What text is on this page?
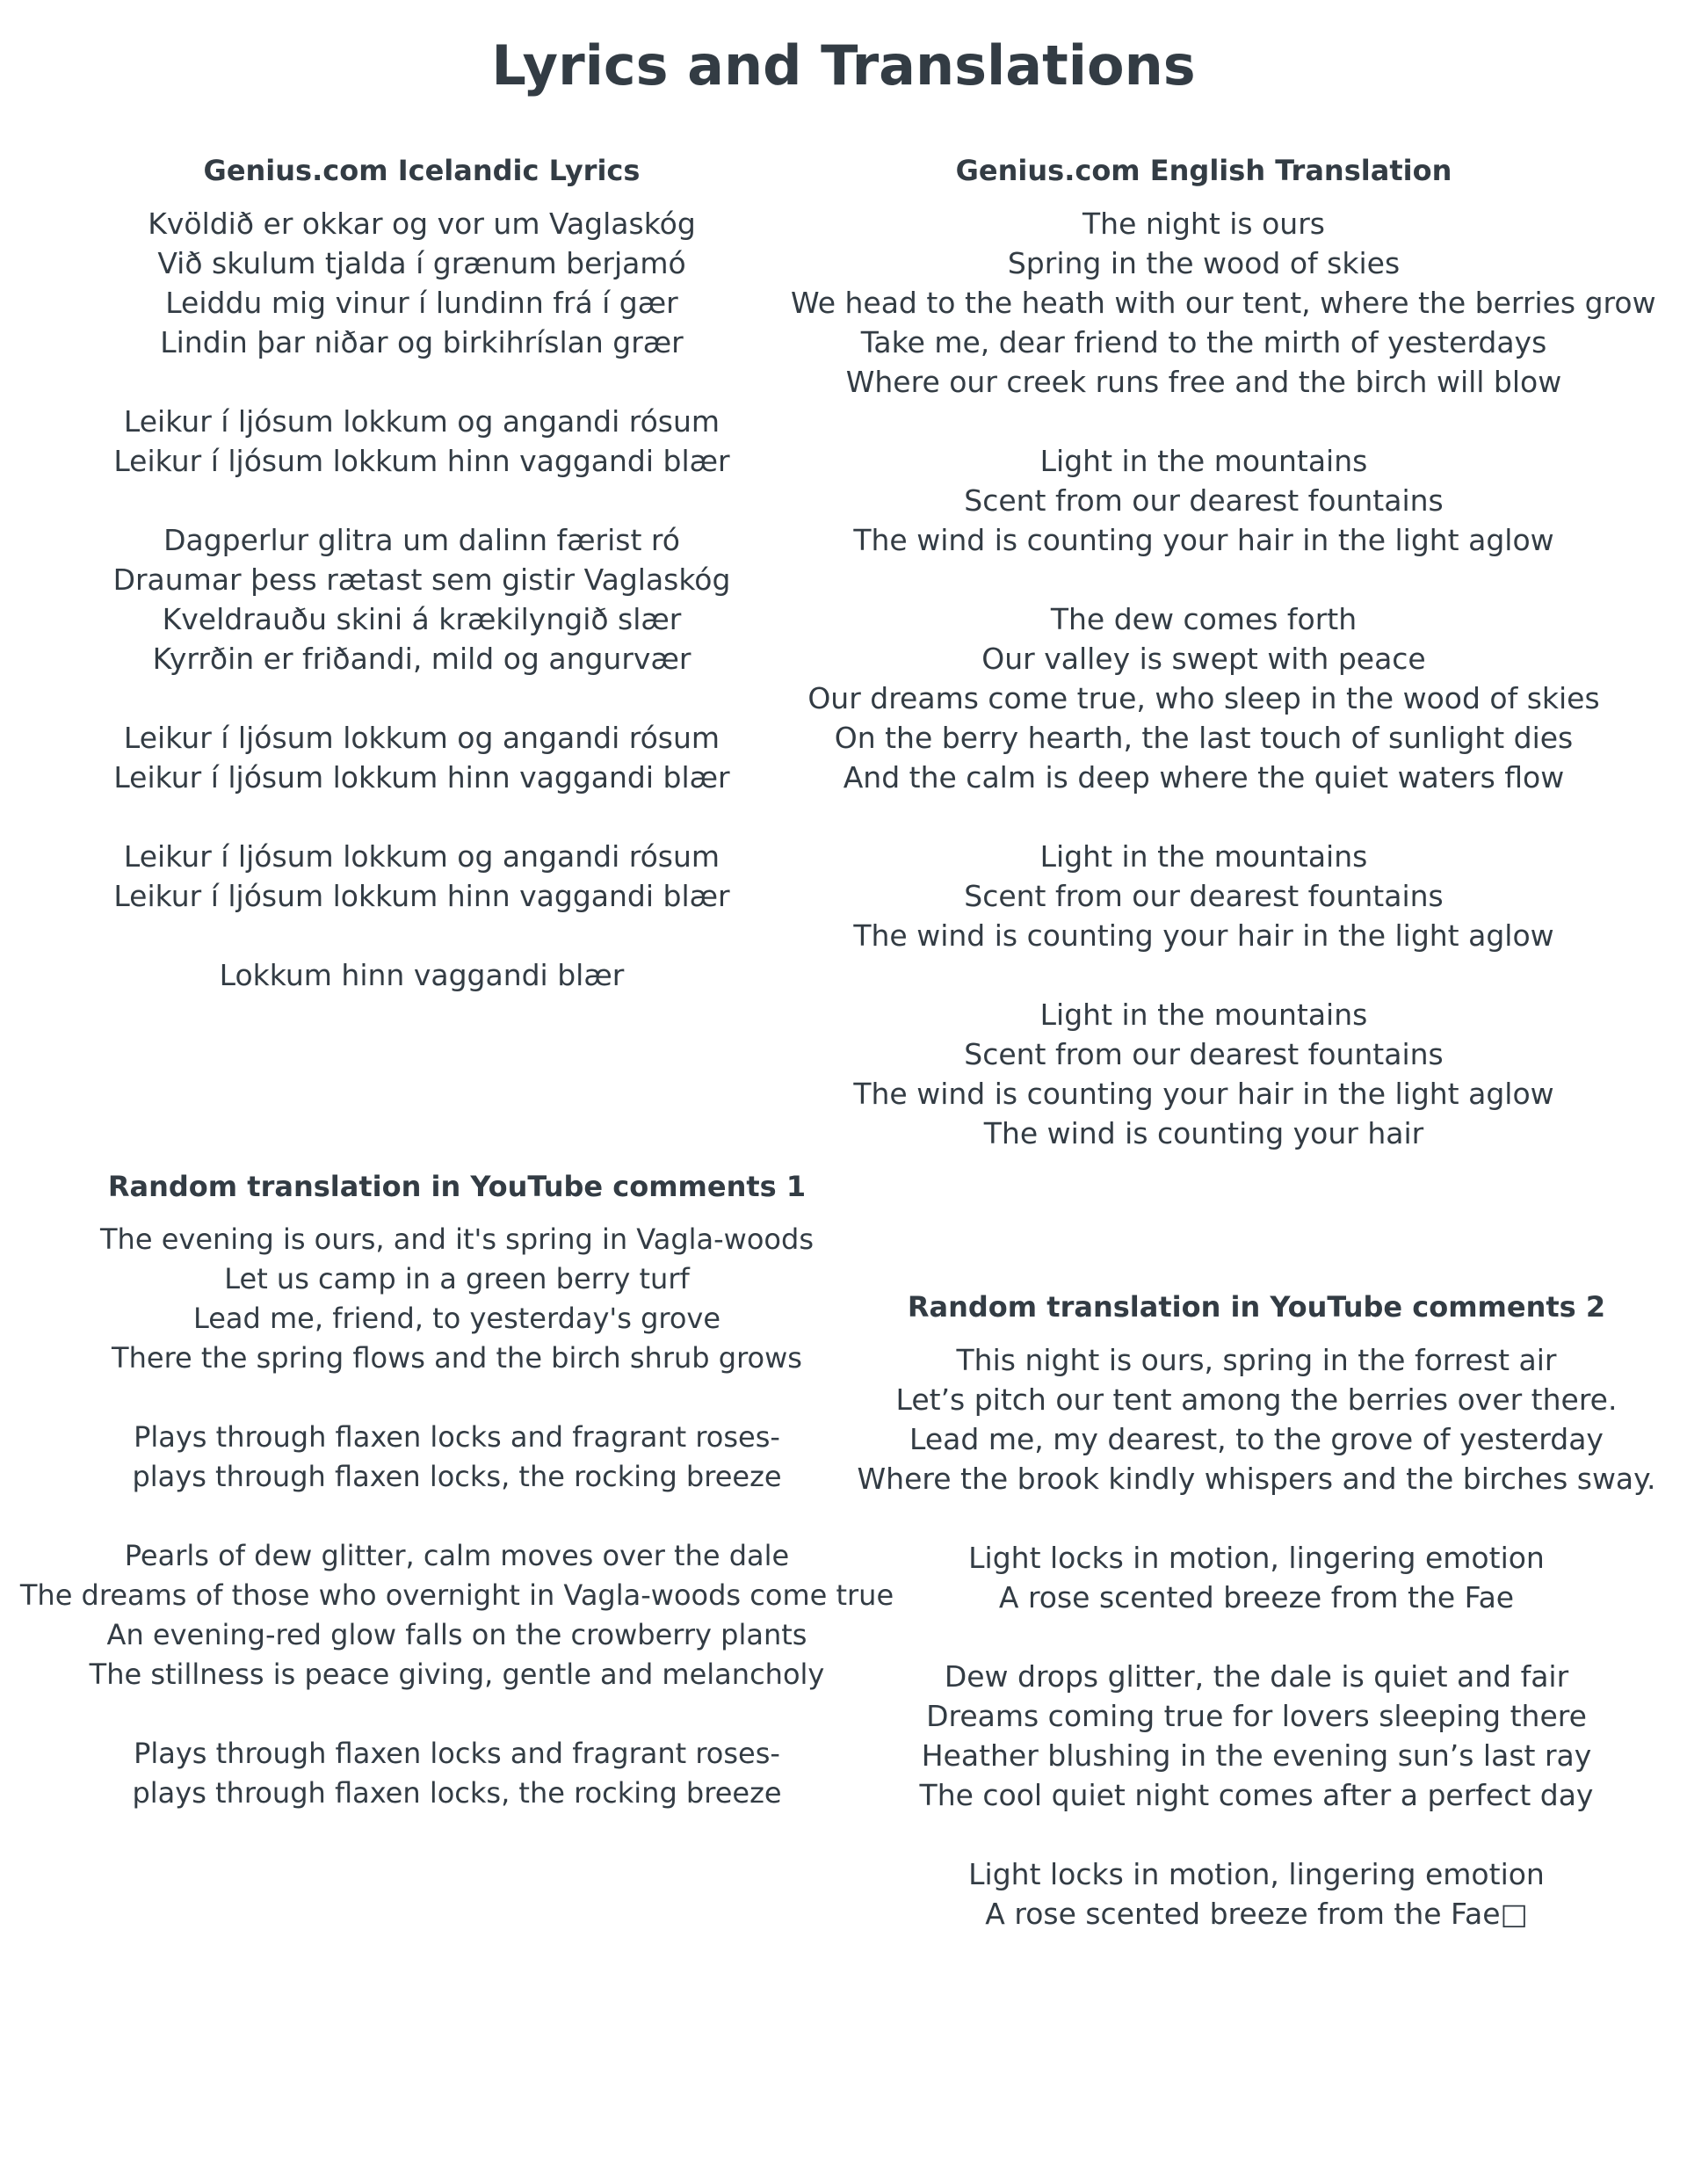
Lyrics and Translations
Genius.com Icelandic Lyrics
Kvöldið er okkar og vor um Vaglaskóg
Við skulum tjalda í grænum berjamó
Leiddu mig vinur í lundinn frá í gær
Lindin þar niðar og birkihríslan grær
Leikur í ljósum lokkum og angandi rósum
Leikur í ljósum lokkum hinn vaggandi blær
Dagperlur glitra um dalinn færist ró
Draumar þess rætast sem gistir Vaglaskóg
Kveldrauðu skini á krækilyngið slær
Kyrrðin er friðandi, mild og angurvær
Leikur í ljósum lokkum og angandi rósum
Leikur í ljósum lokkum hinn vaggandi blær
Leikur í ljósum lokkum og angandi rósum
Leikur í ljósum lokkum hinn vaggandi blær
Lokkum hinn vaggandi blær
Genius.com English Translation
The night is ours
Spring in the wood of skies
We head to the heath with our tent, where the berries grow
Take me, dear friend to the mirth of yesterdays
Where our creek runs free and the birch will blow
Light in the mountains
Scent from our dearest fountains
The wind is counting your hair in the light aglow
The dew comes forth
Our valley is swept with peace
Our dreams come true, who sleep in the wood of skies
On the berry hearth, the last touch of sunlight dies
And the calm is deep where the quiet waters flow
Light in the mountains
Scent from our dearest fountains
The wind is counting your hair in the light aglow
Light in the mountains
Scent from our dearest fountains
The wind is counting your hair in the light aglow
The wind is counting your hair
Random translation in YouTube comments 1
The evening is ours, and it's spring in Vagla-woods
Let us camp in a green berry turf
Lead me, friend, to yesterday's grove
There the spring flows and the birch shrub grows
Plays through flaxen locks and fragrant roses-
plays through flaxen locks, the rocking breeze
Pearls of dew glitter, calm moves over the dale
The dreams of those who overnight in Vagla-woods come true
An evening-red glow falls on the crowberry plants
The stillness is peace giving, gentle and melancholy
Plays through flaxen locks and fragrant roses-
plays through flaxen locks, the rocking breeze
Random translation in YouTube comments 2
This night is ours, spring in the forrest air
Let’s pitch our tent among the berries over there.
Lead me, my dearest, to the grove of yesterday
Where the brook kindly whispers and the birches sway.
Light locks in motion, lingering emotion
A rose scented breeze from the Fae
Dew drops glitter, the dale is quiet and fair
Dreams coming true for lovers sleeping there
Heather blushing in the evening sun’s last ray
The cool quiet night comes after a perfect day
Light locks in motion, lingering emotion
A rose scented breeze from the Fae□
